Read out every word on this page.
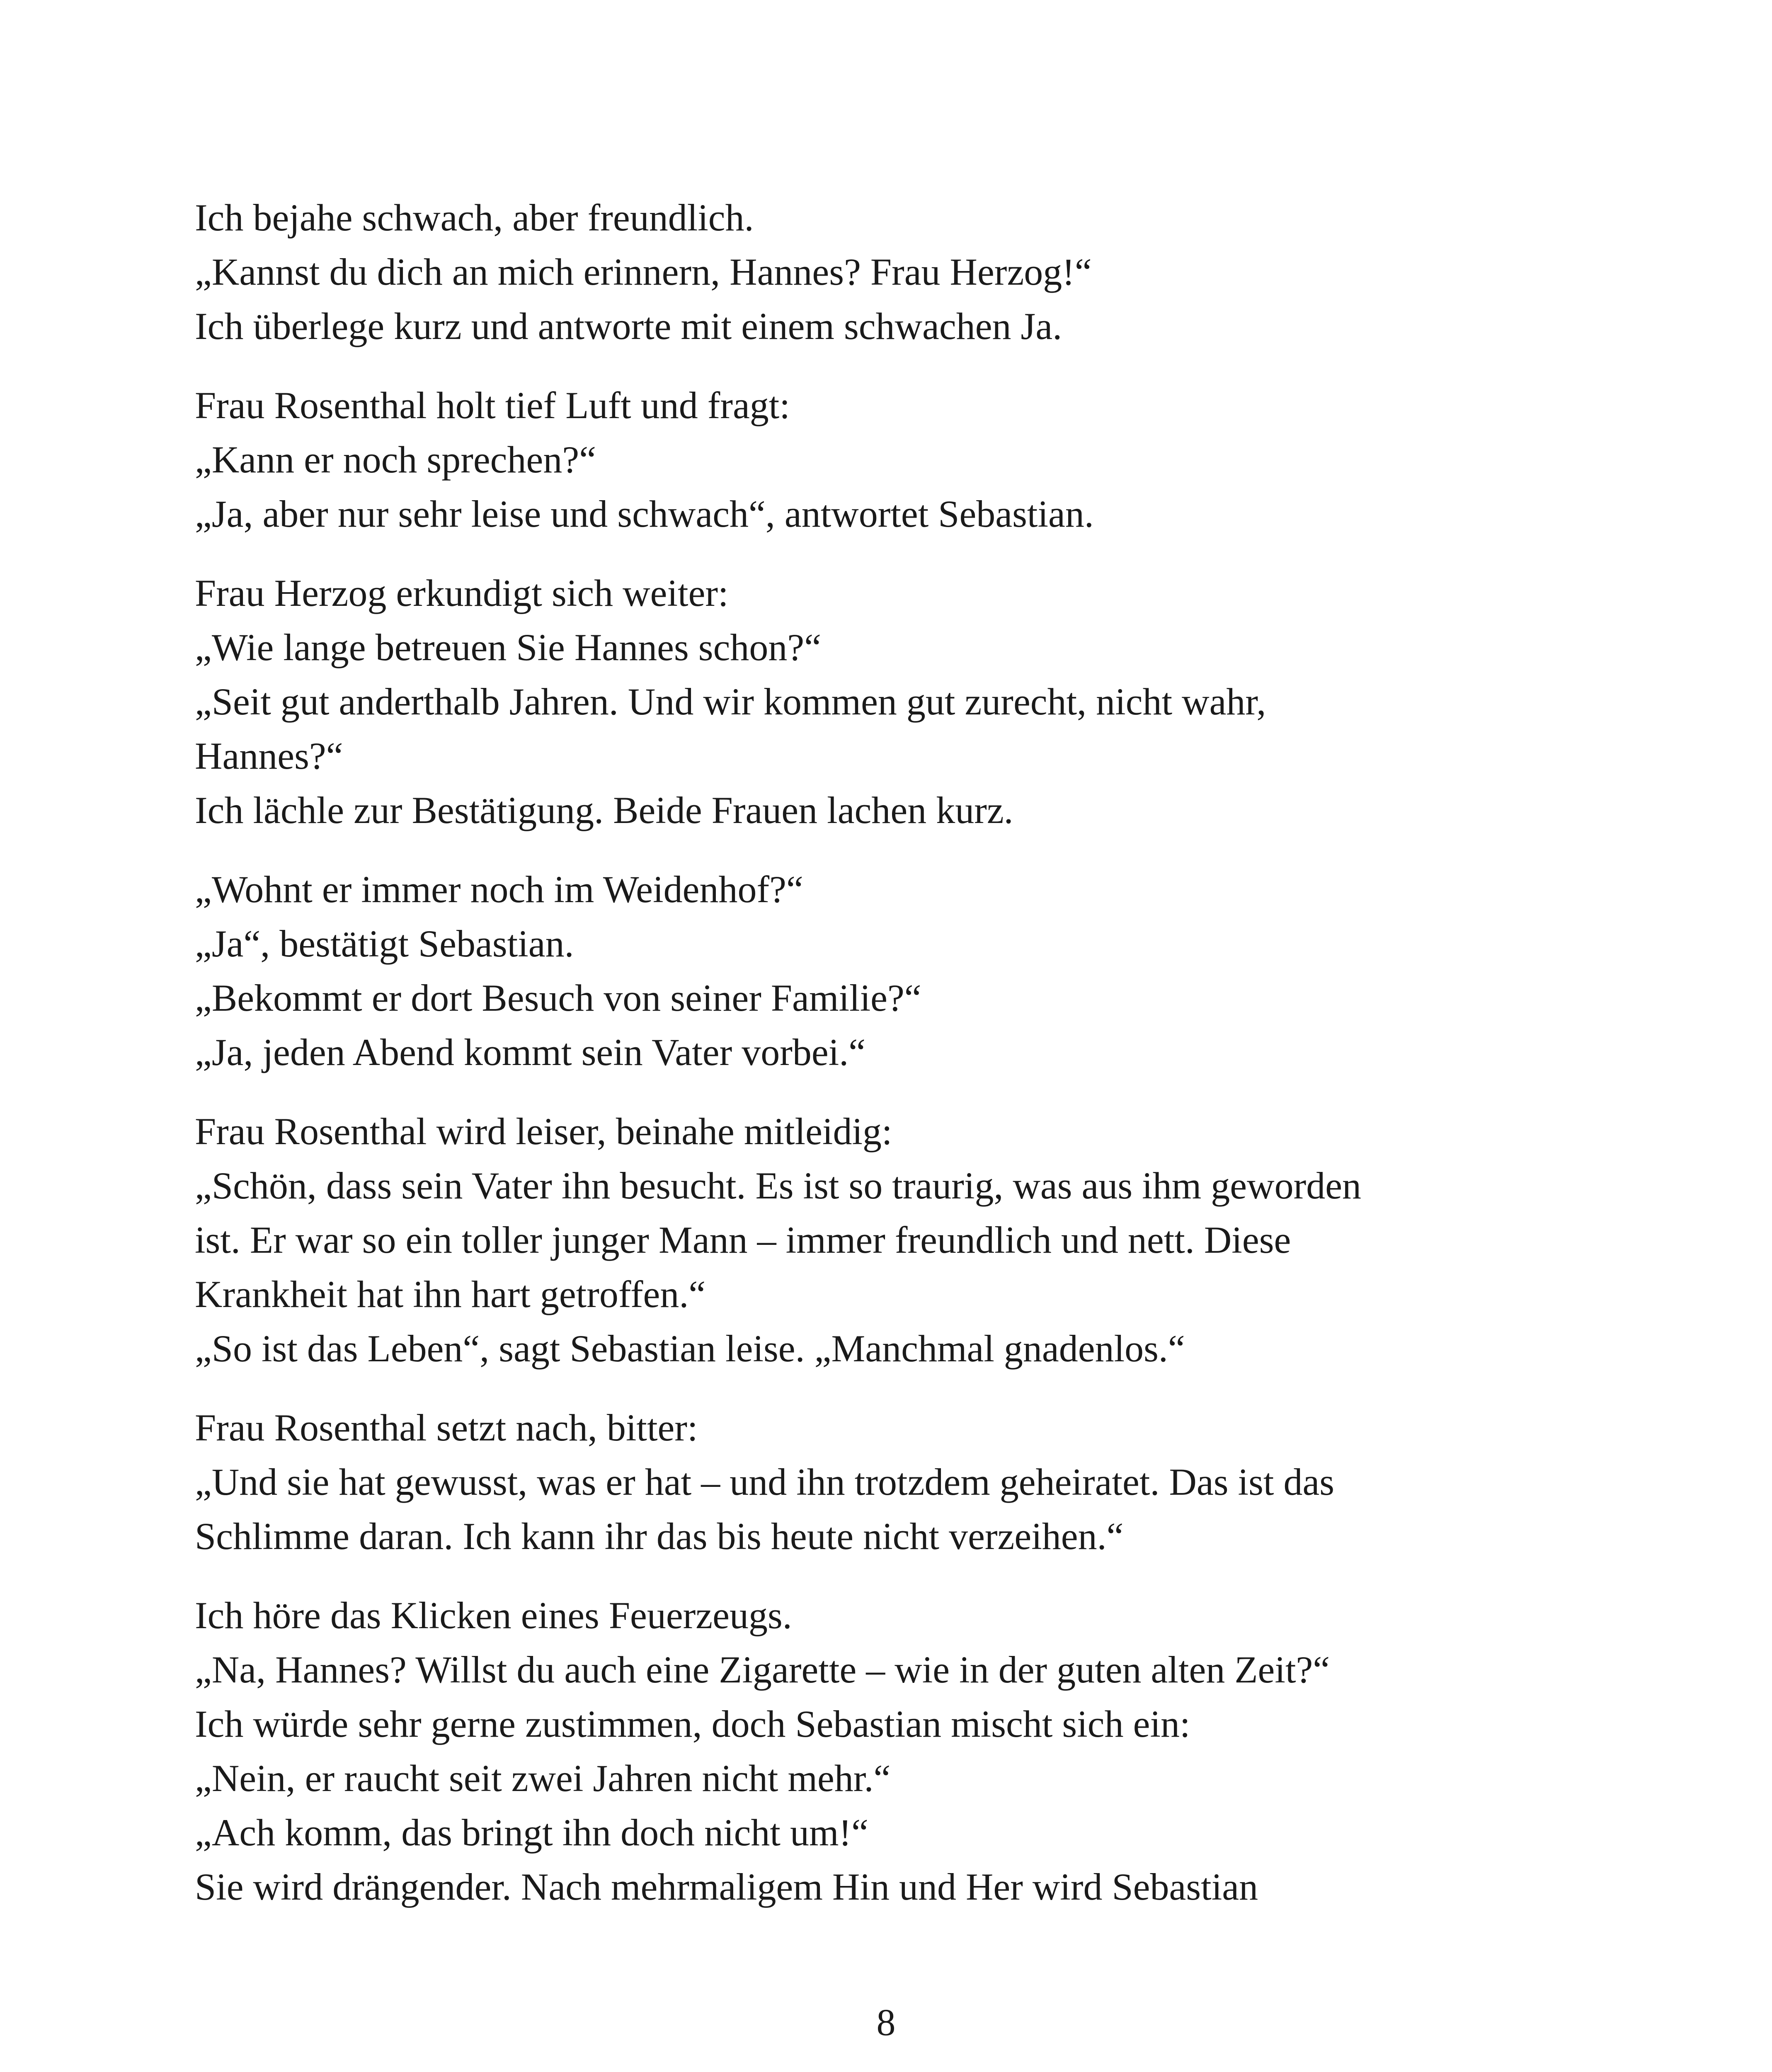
Ich bejahe schwach, aber freundlich.
„Kannst du dich an mich erinnern, Hannes? Frau Herzog!“
Ich überlege kurz und antworte mit einem schwachen Ja.
Frau Rosenthal holt tief Luft und fragt:
„Kann er noch sprechen?“
„Ja, aber nur sehr leise und schwach“, antwortet Sebastian.
Frau Herzog erkundigt sich weiter:
„Wie lange betreuen Sie Hannes schon?“
„Seit gut anderthalb Jahren. Und wir kommen gut zurecht, nicht wahr,
Hannes?“
Ich lächle zur Bestätigung. Beide Frauen lachen kurz.
„Wohnt er immer noch im Weidenhof?“
„Ja“, bestätigt Sebastian.
„Bekommt er dort Besuch von seiner Familie?“
„Ja, jeden Abend kommt sein Vater vorbei.“
Frau Rosenthal wird leiser, beinahe mitleidig:
„Schön, dass sein Vater ihn besucht. Es ist so traurig, was aus ihm geworden
ist. Er war so ein toller junger Mann – immer freundlich und nett. Diese
Krankheit hat ihn hart getroffen.“
„So ist das Leben“, sagt Sebastian leise. „Manchmal gnadenlos.“
Frau Rosenthal setzt nach, bitter:
„Und sie hat gewusst, was er hat – und ihn trotzdem geheiratet. Das ist das
Schlimme daran. Ich kann ihr das bis heute nicht verzeihen.“
Ich höre das Klicken eines Feuerzeugs.
„Na, Hannes? Willst du auch eine Zigarette – wie in der guten alten Zeit?“
Ich würde sehr gerne zustimmen, doch Sebastian mischt sich ein:
„Nein, er raucht seit zwei Jahren nicht mehr.“
„Ach komm, das bringt ihn doch nicht um!“
Sie wird drängender. Nach mehrmaligem Hin und Her wird Sebastian
8
